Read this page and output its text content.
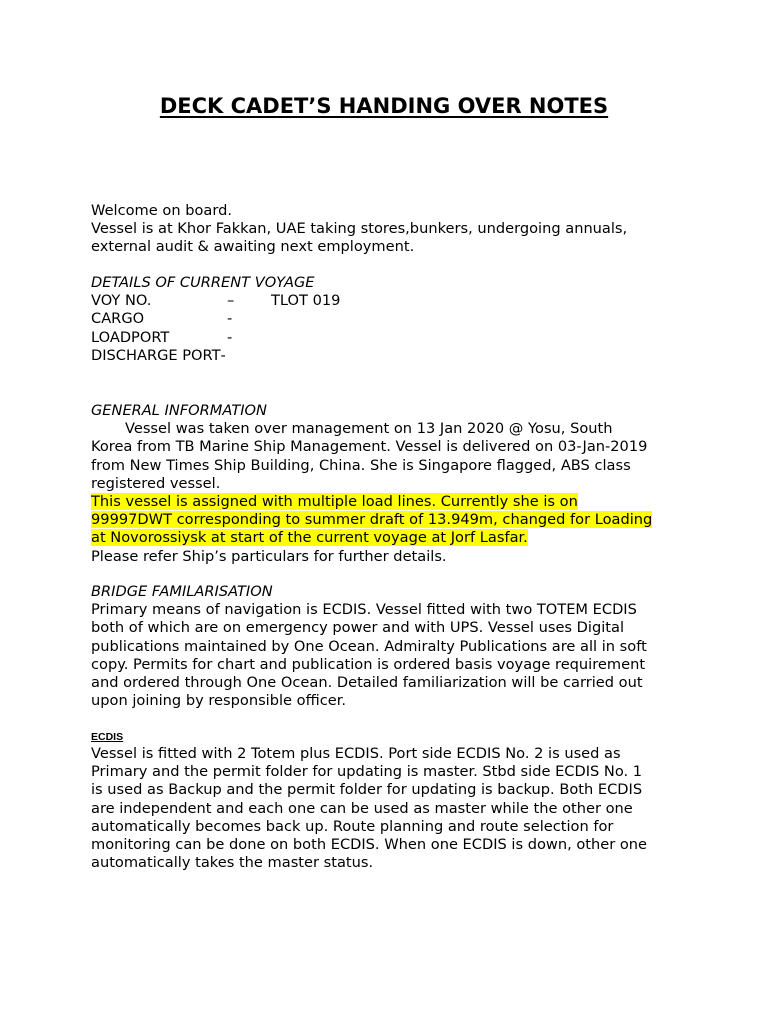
DECK CADET’S HANDING OVER NOTES

Welcome on board.

Vessel is at Khor Fakkan, UAE taking stores,bunkers, undergoing annuals,

external audit & awaiting next employment.

DETAILS OF CURRENT VOYAGE

VOY NO.	–	TLOT 019
CARGO	-
LOADPORT	-
DISCHARGE PORT -

GENERAL INFORMATION

Vessel was taken over management on 13 Jan 2020 @ Yosu, South

Korea from TB Marine Ship Management. Vessel is delivered on 03-Jan-2019

from New Times Ship Building, China. She is Singapore flagged, ABS class

registered vessel.

This vessel is assigned with multiple load lines. Currently she is on

99997DWT corresponding to summer draft of 13.949m, changed for Loading

at Novorossiysk at start of the current voyage at Jorf Lasfar.

Please refer Ship’s particulars for further details.

BRIDGE FAMILARISATION

Primary means of navigation is ECDIS. Vessel fitted with two TOTEM ECDIS

both of which are on emergency power and with UPS. Vessel uses Digital

publications maintained by One Ocean. Admiralty Publications are all in soft

copy. Permits for chart and publication is ordered basis voyage requirement

and ordered through One Ocean. Detailed familiarization will be carried out

upon joining by responsible officer.

ECDIS

Vessel is fitted with 2 Totem plus ECDIS. Port side ECDIS No. 2 is used as

Primary and the permit folder for updating is master. Stbd side ECDIS No. 1

is used as Backup and the permit folder for updating is backup. Both ECDIS

are independent and each one can be used as master while the other one

automatically becomes back up. Route planning and route selection for

monitoring can be done on both ECDIS. When one ECDIS is down, other one

automatically takes the master status.
